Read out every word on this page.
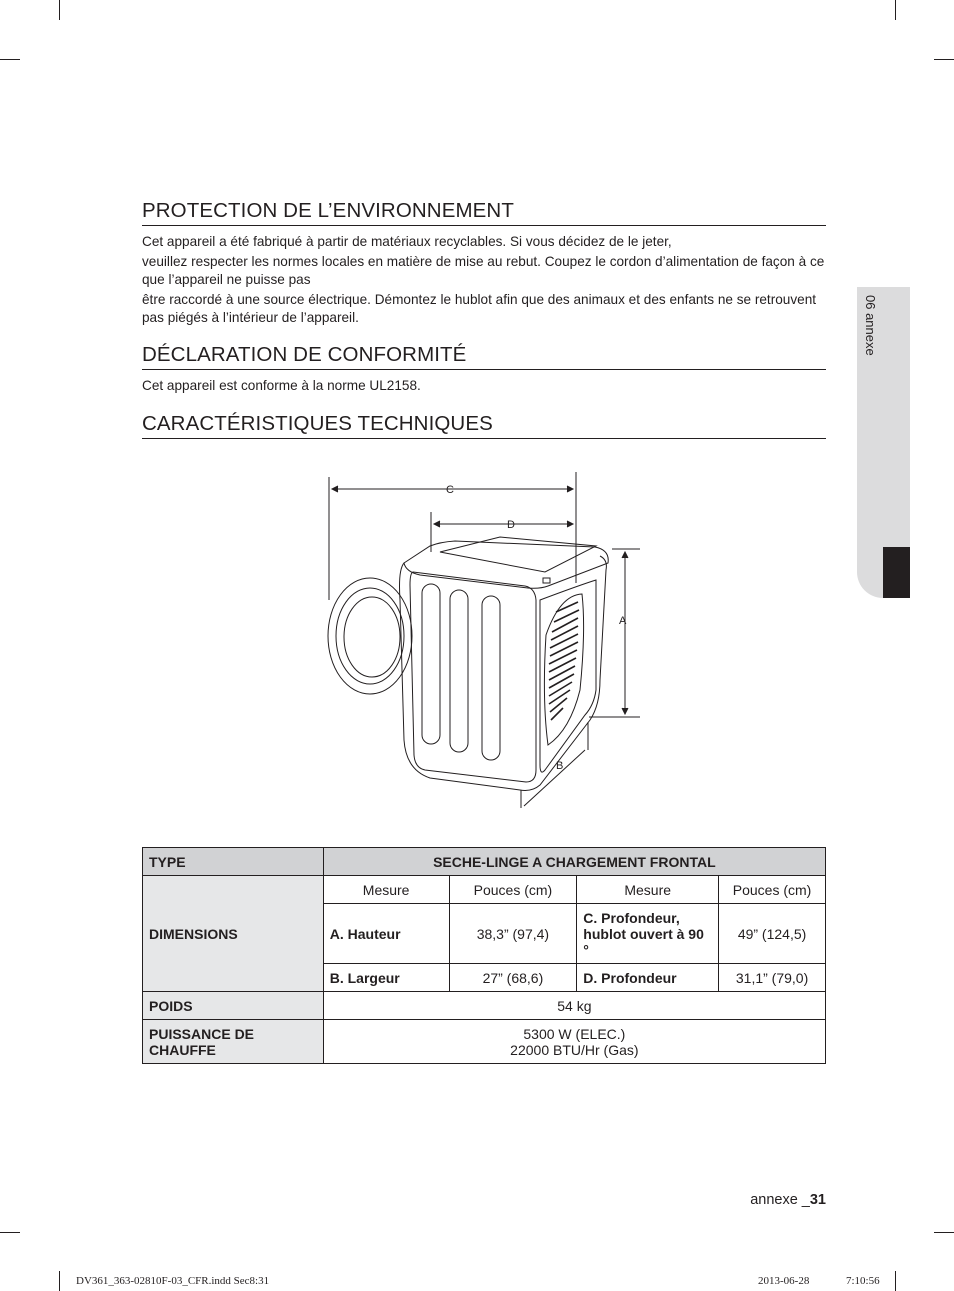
PROTECTION DE L’ENVIRONNEMENT

Cet appareil a été fabriqué à partir de matériaux recyclables. Si vous décidez de le jeter,

veuillez respecter les normes locales en matière de mise au rebut. Coupez le cordon d’alimentation de façon à ce que l’appareil ne puisse pas

être raccordé à une source électrique. Démontez le hublot afin que des animaux et des enfants ne se retrouvent pas piégés à l’intérieur de l’appareil.

DÉCLARATION DE CONFORMITÉ

Cet appareil est conforme à la norme UL2158.

CARACTÉRISTIQUES TECHNIQUES
06 annexe
C
D
A
B
TYPE	SECHE-LINGE A CHARGEMENT FRONTAL			
DIMENSIONS	Mesure	Pouces (cm)	Mesure	Pouces (cm)
	A. Hauteur	38,3” (97,4)	C. Profondeur, hublot ouvert à 90 °	49” (124,5)
	B. Largeur	27” (68,6)	D. Profondeur	31,1” (79,0)
POIDS	54 kg			
PUISSANCE DE CHAUFFE	5300 W (ELEC.)
22000 BTU/Hr (Gas)			
annexe _31
DV361_363-02810F-03_CFR.indd Sec8:31	2013-06-28	7:10:56
